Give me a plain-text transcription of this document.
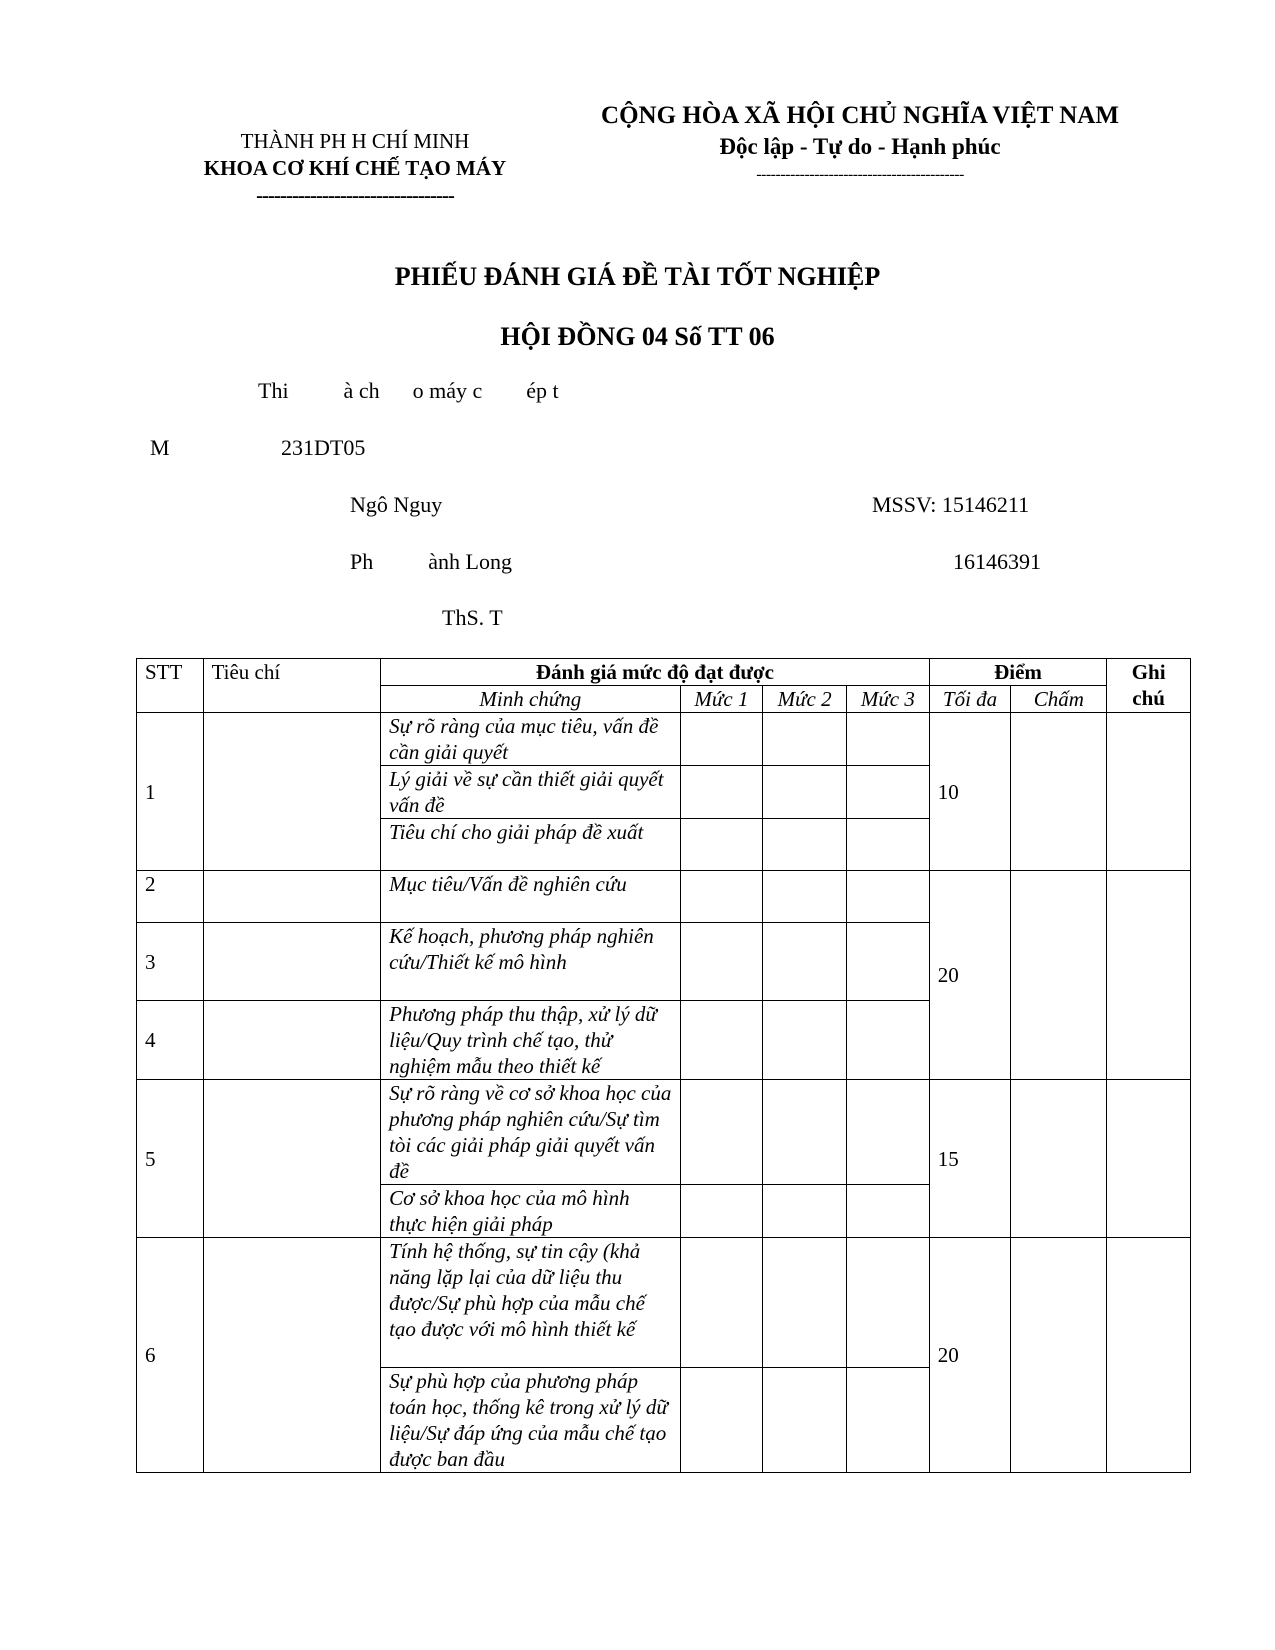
THÀNH PH H CHÍ MINH
KHOA CƠ KHÍ CHẾ TẠO MÁY
---------------------------------
CỘNG HÒA XÃ HỘI CHỦ NGHĨA VIỆT NAM
Độc lập - Tự do - Hạnh phúc
-------------------------------------------
PHIẾU ĐÁNH GIÁ ĐỀ TÀI TỐT NGHIỆP
HỘI ĐỒNG 04 Số TT 06
Thi          à ch      o máy c        ép t
M	231DT05
Ngô Nguy	MSSV: 15146211
Ph          ành Long	16146391
ThS. T
STT	Tiêu chí	Đánh giá mức độ đạt được				Điểm		Ghi chú
		Minh chứng	Mức 1	Mức 2	Mức 3	Tối đa	Chấm	
1		Sự rõ ràng của mục tiêu, vấn đề cần giải quyết				10		
		Lý giải về sự cần thiết giải quyết vấn đề						
		Tiêu chí cho giải pháp đề xuất						
2		Mục tiêu/Vấn đề nghiên cứu				20		
3		Kế hoạch, phương pháp nghiên cứu/Thiết kế mô hình						
4		Phương pháp thu thập, xử lý dữ liệu/Quy trình chế tạo, thử nghiệm mẫu theo thiết kế						
5		Sự rõ ràng về cơ sở khoa học của phương pháp nghiên cứu/Sự tìm tòi các giải pháp giải quyết vấn đề				15		
		Cơ sở khoa học của mô hình thực hiện giải pháp						
6		Tính hệ thống, sự tin cậy (khả năng lặp lại của dữ liệu thu được/Sự phù hợp của mẫu chế tạo được với mô hình thiết kế				20		
		Sự phù hợp của phương pháp toán học, thống kê trong xử lý dữ liệu/Sự đáp ứng của mẫu chế tạo được ban đầu						
